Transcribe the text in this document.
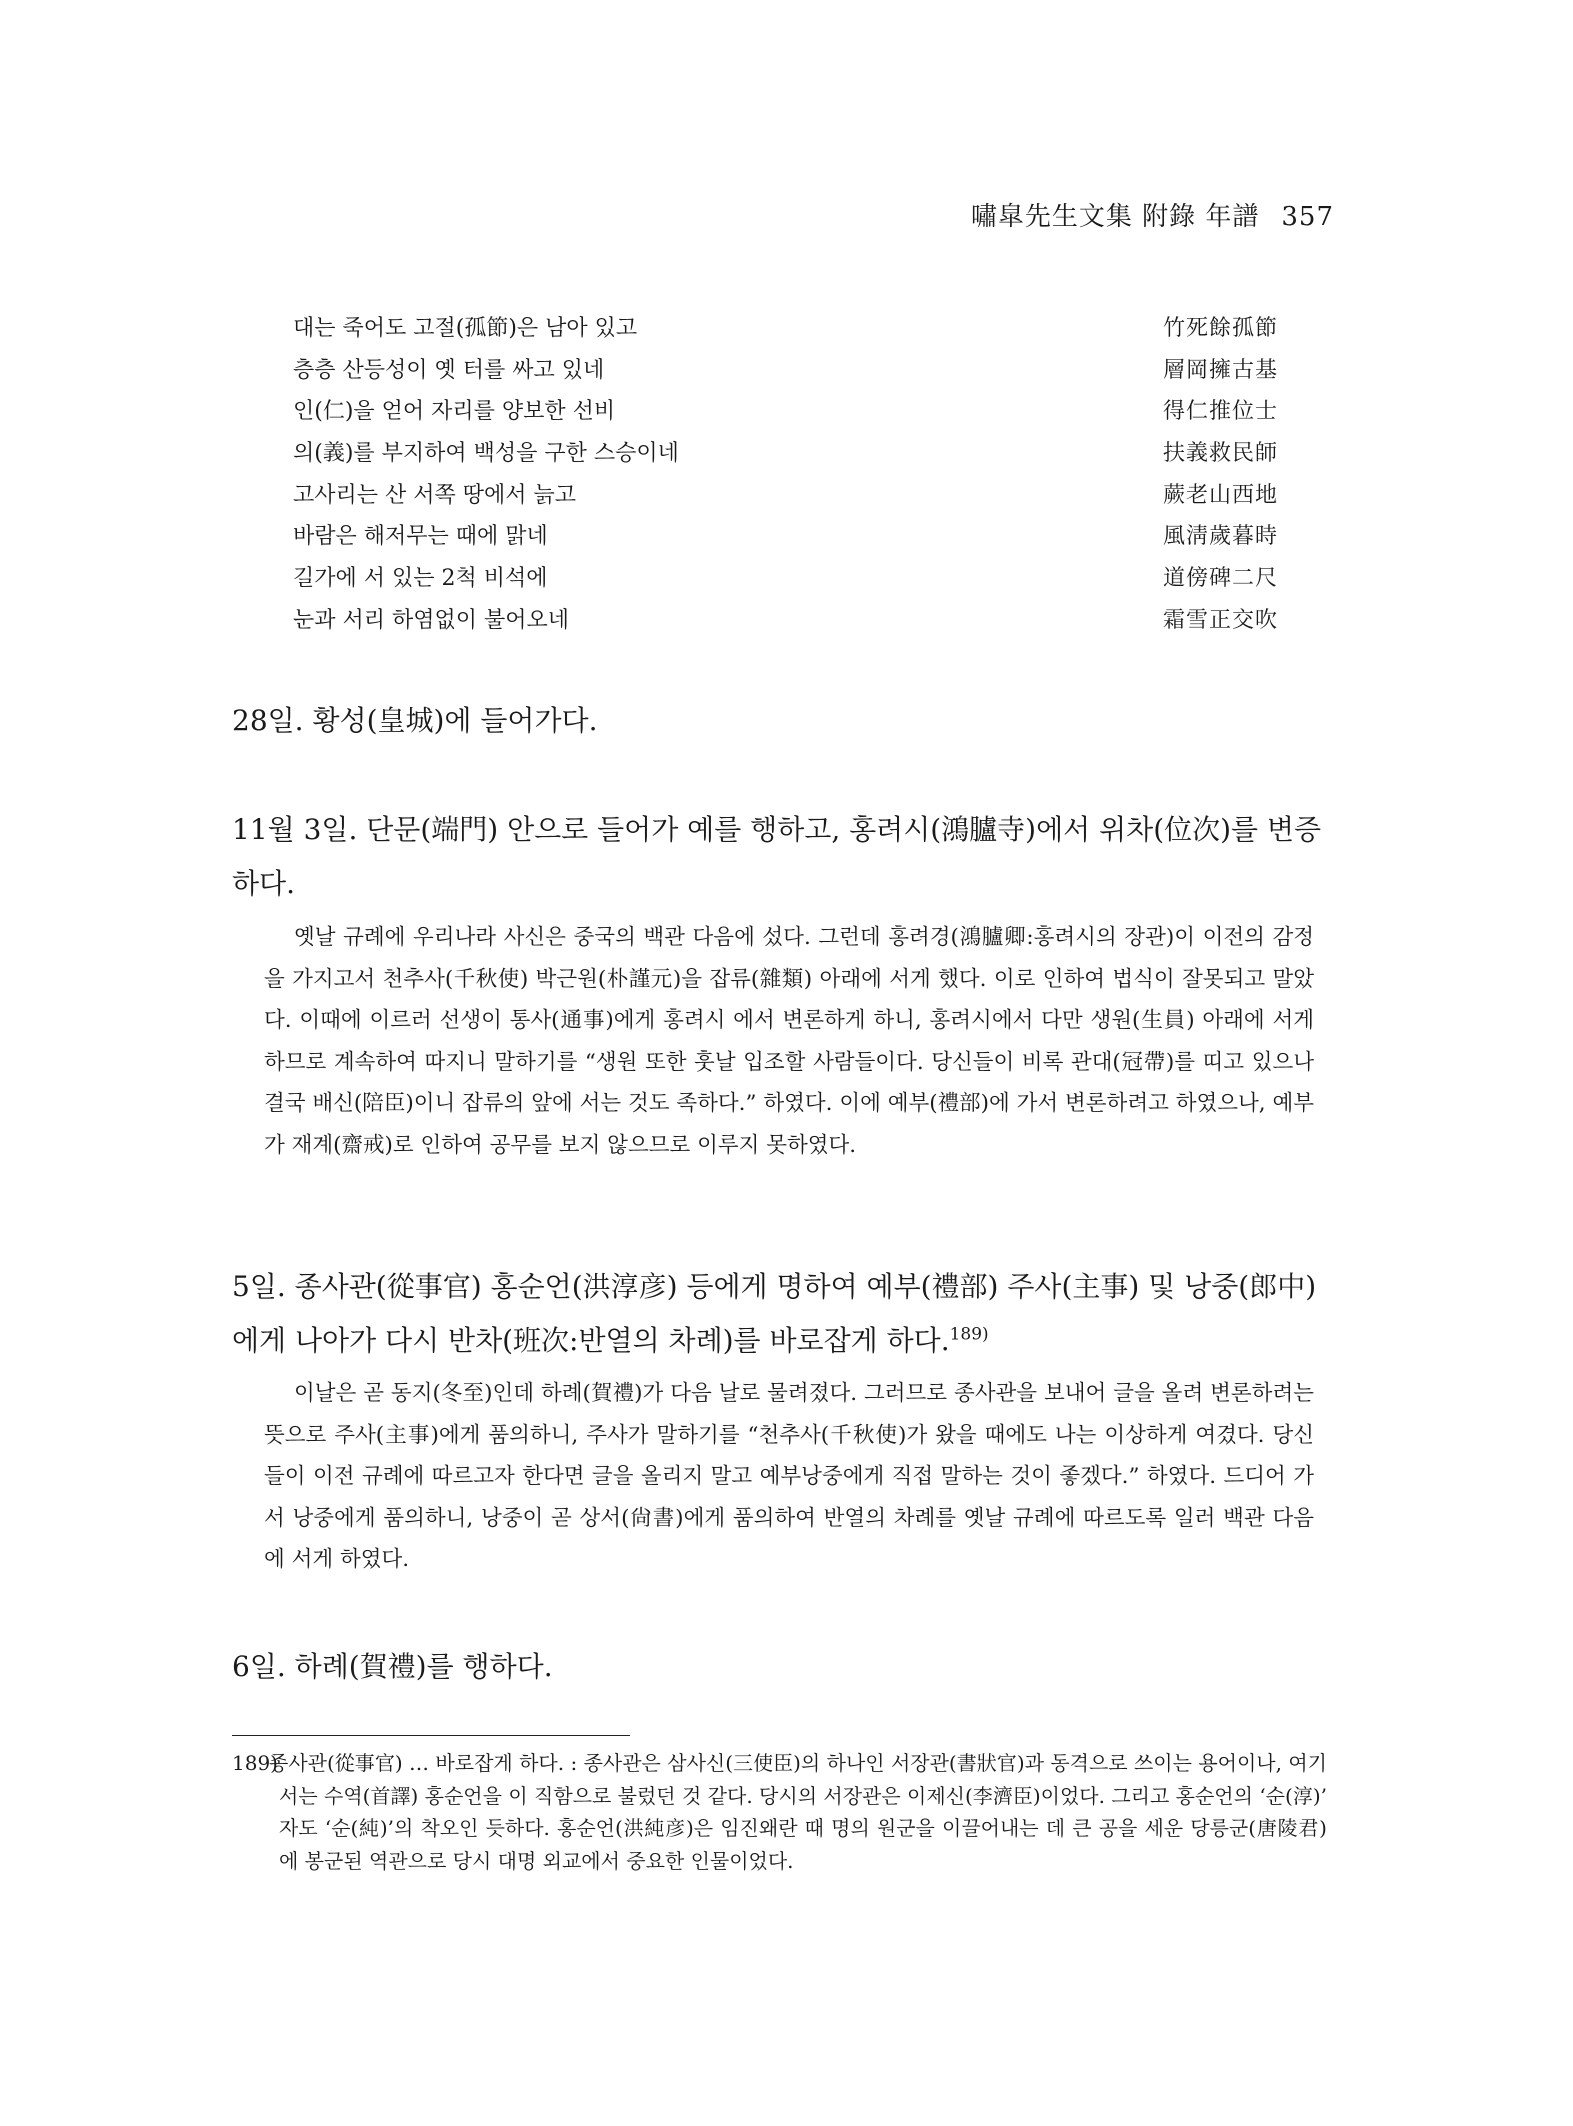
嘯皐先生文集 附錄 年譜 357
대는 죽어도 고절(孤節)은 남아 있고	竹死餘孤節
층층 산등성이 옛 터를 싸고 있네	層岡擁古基
인(仁)을 얻어 자리를 양보한 선비	得仁推位士
의(義)를 부지하여 백성을 구한 스승이네	扶義救民師
고사리는 산 서쪽 땅에서 늙고	蕨老山西地
바람은 해저무는 때에 맑네	風淸歲暮時
길가에 서 있는 2척 비석에	道傍碑二尺
눈과 서리 하염없이 불어오네	霜雪正交吹
28일. 황성(皇城)에 들어가다.
11월 3일. 단문(端門) 안으로 들어가 예를 행하고, 홍려시(鴻臚寺)에서 위차(位次)를 변증하다.
옛날 규례에 우리나라 사신은 중국의 백관 다음에 섰다. 그런데 홍려경(鴻臚卿:홍려시의 장관)이 이전의 감정을 가지고서 천추사(千秋使) 박근원(朴謹元)을 잡류(雜類) 아래에 서게 했다. 이로 인하여 법식이 잘못되고 말았다. 이때에 이르러 선생이 통사(通事)에게 홍려시 에서 변론하게 하니, 홍려시에서 다만 생원(生員) 아래에 서게 하므로 계속하여 따지니 말하기를 “생원 또한 훗날 입조할 사람들이다. 당신들이 비록 관대(冠帶)를 띠고 있으나 결국 배신(陪臣)이니 잡류의 앞에 서는 것도 족하다.” 하였다. 이에 예부(禮部)에 가서 변론하려고 하였으나, 예부가 재계(齋戒)로 인하여 공무를 보지 않으므로 이루지 못하였다.
5일. 종사관(從事官) 홍순언(洪淳彦) 등에게 명하여 예부(禮部) 주사(主事) 및 낭중(郎中)에게 나아가 다시 반차(班次:반열의 차례)를 바로잡게 하다.$^{189)}$
이날은 곧 동지(冬至)인데 하례(賀禮)가 다음 날로 물려졌다. 그러므로 종사관을 보내어 글을 올려 변론하려는 뜻으로 주사(主事)에게 품의하니, 주사가 말하기를 “천추사(千秋使)가 왔을 때에도 나는 이상하게 여겼다. 당신들이 이전 규례에 따르고자 한다면 글을 올리지 말고 예부낭중에게 직접 말하는 것이 좋겠다.” 하였다. 드디어 가서 낭중에게 품의하니, 낭중이 곧 상서(尙書)에게 품의하여 반열의 차례를 옛날 규례에 따르도록 일러 백관 다음에 서게 하였다.
6일. 하례(賀禮)를 행하다.
189)
종사관(從事官) … 바로잡게 하다. : 종사관은 삼사신(三使臣)의 하나인 서장관(書狀官)과 동격으로 쓰이는 용어이나, 여기서는 수역(首譯) 홍순언을 이 직함으로 불렀던 것 같다. 당시의 서장관은 이제신(李濟臣)이었다. 그리고 홍순언의 ‘순(淳)’ 자도 ‘순(純)’의 착오인 듯하다. 홍순언(洪純彦)은 임진왜란 때 명의 원군을 이끌어내는 데 큰 공을 세운 당릉군(唐陵君)에 봉군된 역관으로 당시 대명 외교에서 중요한 인물이었다.
